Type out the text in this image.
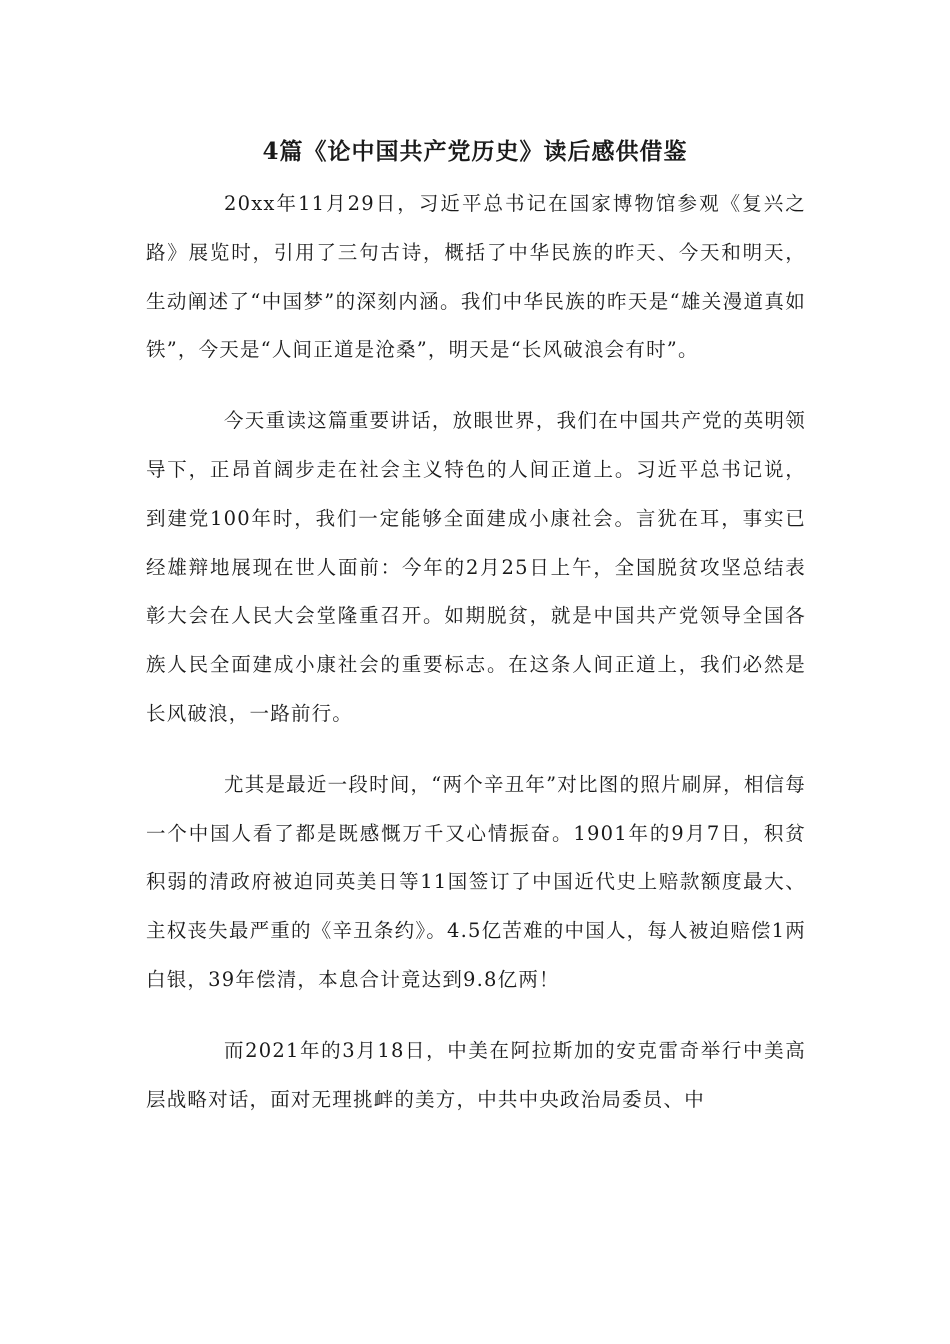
4篇《论中国共产党历史》读后感供借鉴

20xx年11月29日，习近平总书记在国家博物馆参观《复兴之路》展览时，引用了三句古诗，概括了中华民族的昨天、今天和明天，生动阐述了“中国梦”的深刻内涵。我们中华民族的昨天是“雄关漫道真如铁”，今天是“人间正道是沧桑”，明天是“长风破浪会有时”。

今天重读这篇重要讲话，放眼世界，我们在中国共产党的英明领导下，正昂首阔步走在社会主义特色的人间正道上。习近平总书记说，到建党100年时，我们一定能够全面建成小康社会。言犹在耳，事实已经雄辩地展现在世人面前：今年的2月25日上午，全国脱贫攻坚总结表彰大会在人民大会堂隆重召开。如期脱贫，就是中国共产党领导全国各族人民全面建成小康社会的重要标志。在这条人间正道上，我们必然是长风破浪，一路前行。

尤其是最近一段时间，“两个辛丑年”对比图的照片刷屏，相信每一个中国人看了都是既感慨万千又心情振奋。1901年的9月7日，积贫积弱的清政府被迫同英美日等11国签订了中国近代史上赔款额度最大、主权丧失最严重的《辛丑条约》。4.5亿苦难的中国人，每人被迫赔偿1两白银，39年偿清，本息合计竟达到9.8亿两！

而2021年的3月18日，中美在阿拉斯加的安克雷奇举行中美高层战略对话，面对无理挑衅的美方，中共中央政治局委员、中
